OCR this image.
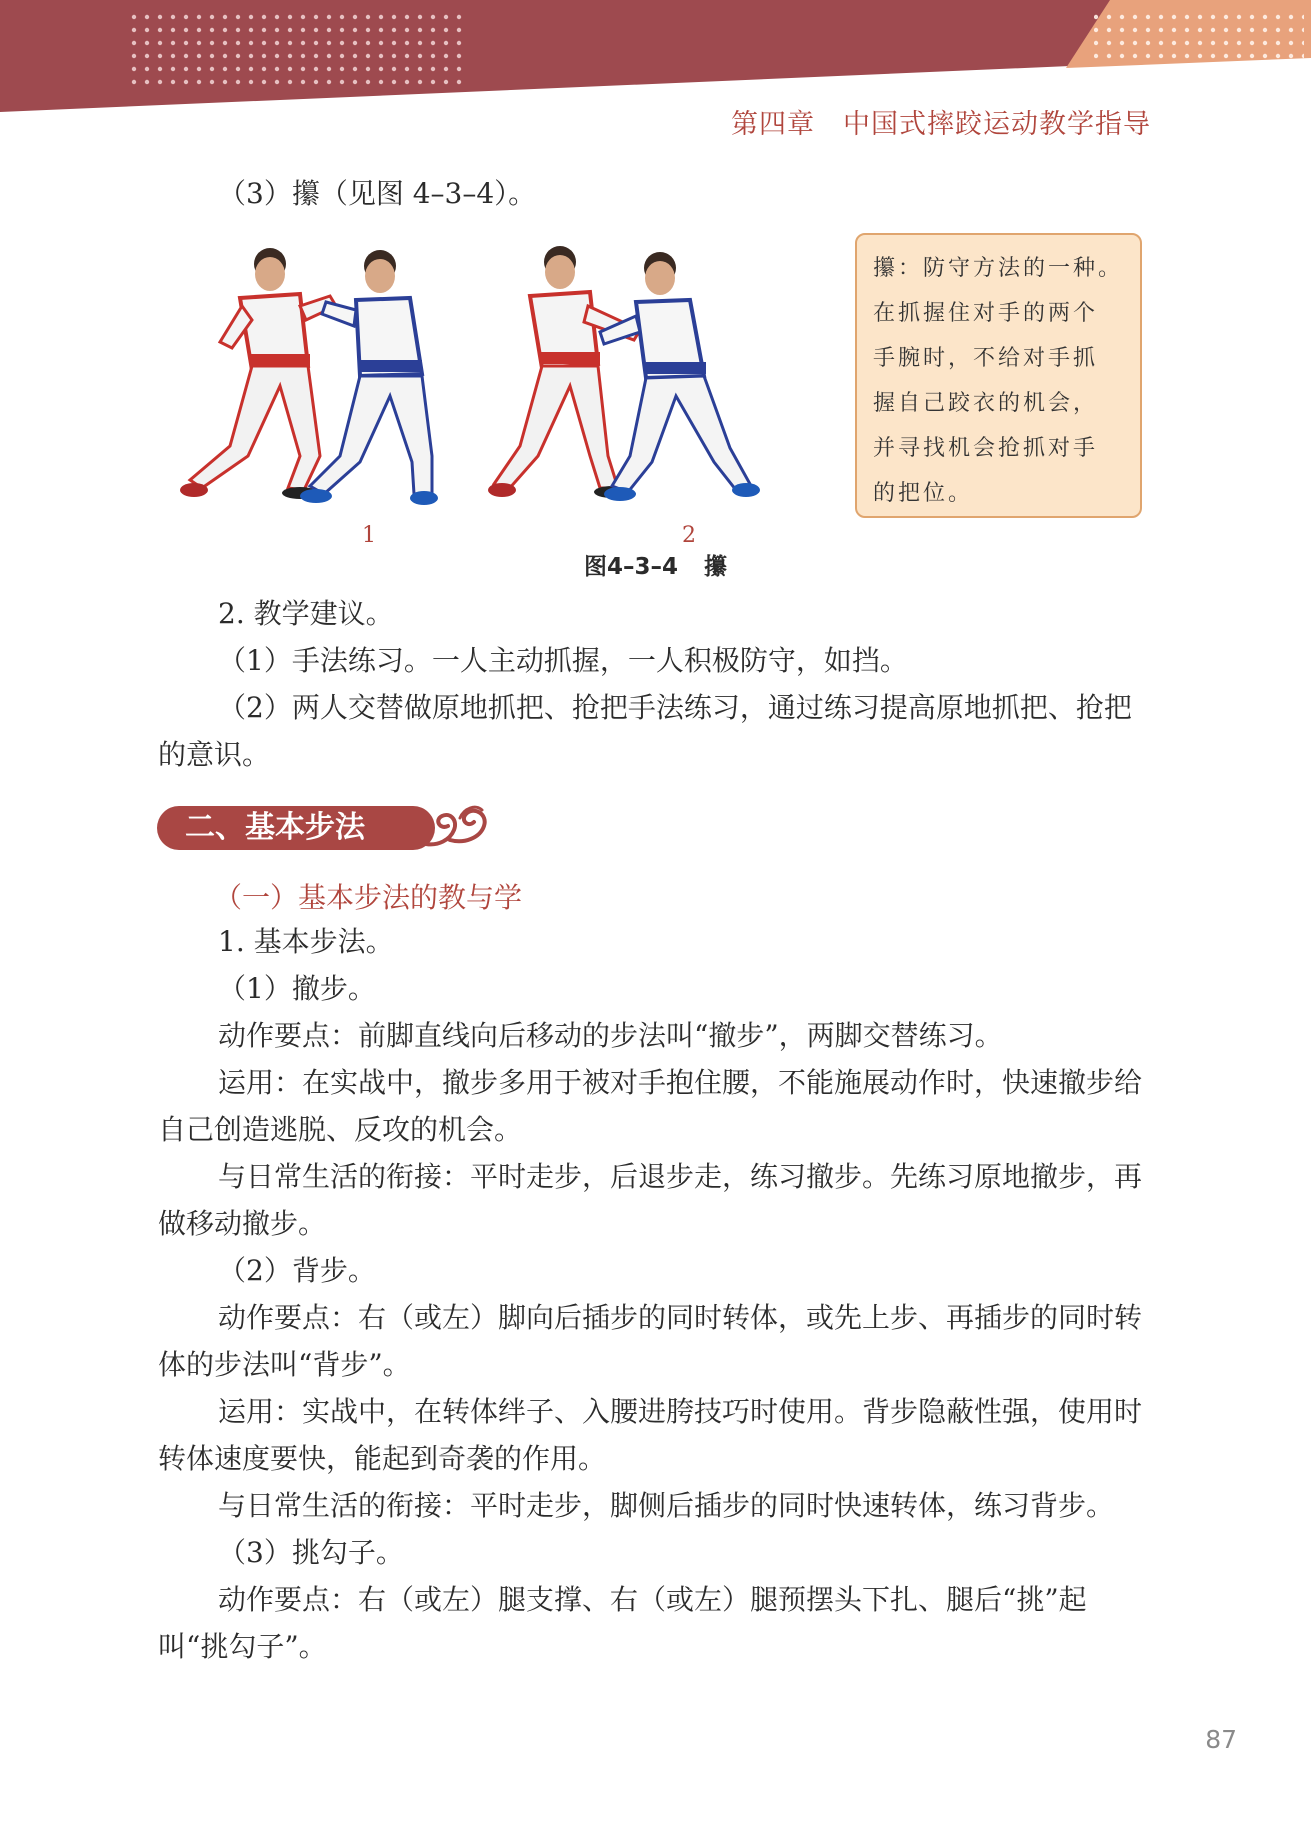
第四章 中国式摔跤运动教学指导
（3）攥（见图 4–3–4）。
1	2
攥：防守方法的一种。
在抓握住对手的两个
手腕时，不给对手抓
握自己跤衣的机会，
并寻找机会抢抓对手
的把位。
图4–3–4 攥
2. 教学建议。
（1）手法练习。一人主动抓握，一人积极防守，如挡。
（2）两人交替做原地抓把、抢把手法练习，通过练习提高原地抓把、抢把的意识。
二、基本步法
（一）基本步法的教与学
1. 基本步法。
（1）撤步。
动作要点：前脚直线向后移动的步法叫“撤步”，两脚交替练习。
运用：在实战中，撤步多用于被对手抱住腰，不能施展动作时，快速撤步给自己创造逃脱、反攻的机会。
与日常生活的衔接：平时走步，后退步走，练习撤步。先练习原地撤步，再做移动撤步。
（2）背步。
动作要点：右（或左）脚向后插步的同时转体，或先上步、再插步的同时转体的步法叫“背步”。
运用：实战中，在转体绊子、入腰进胯技巧时使用。背步隐蔽性强，使用时转体速度要快，能起到奇袭的作用。
与日常生活的衔接：平时走步，脚侧后插步的同时快速转体，练习背步。
（3）挑勾子。
动作要点：右（或左）腿支撑、右（或左）腿预摆头下扎、腿后“挑”起叫“挑勾子”。
87
